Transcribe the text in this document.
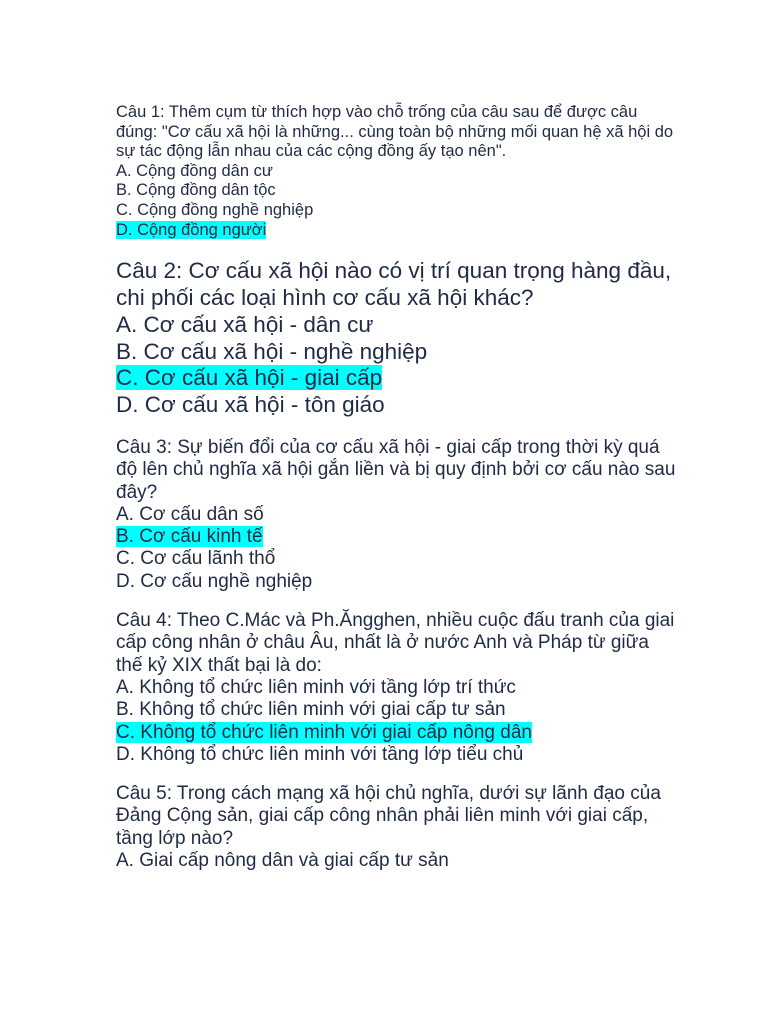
Câu 1: Thêm cụm từ thích hợp vào chỗ trống của câu sau để được câu đúng: "Cơ cấu xã hội là những... cùng toàn bộ những mối quan hệ xã hội do sự tác động lẫn nhau của các cộng đồng ấy tạo nên".
A. Cộng đồng dân cư
B. Cộng đồng dân tộc
C. Cộng đồng nghề nghiệp
D. Cộng đồng người
Câu 2: Cơ cấu xã hội nào có vị trí quan trọng hàng đầu, chi phối các loại hình cơ cấu xã hội khác?
A. Cơ cấu xã hội - dân cư
B. Cơ cấu xã hội - nghề nghiệp
C. Cơ cấu xã hội - giai cấp
D. Cơ cấu xã hội - tôn giáo
Câu 3: Sự biến đổi của cơ cấu xã hội - giai cấp trong thời kỳ quá độ lên chủ nghĩa xã hội gắn liền và bị quy định bởi cơ cấu nào sau đây?
A. Cơ cấu dân số
B. Cơ cấu kinh tế
C. Cơ cấu lãnh thổ
D. Cơ cấu nghề nghiệp
Câu 4: Theo C.Mác và Ph.Ăngghen, nhiều cuộc đấu tranh của giai cấp công nhân ở châu Âu, nhất là ở nước Anh và Pháp từ giữa thế kỷ XIX thất bại là do:
A. Không tổ chức liên minh với tầng lớp trí thức
B. Không tổ chức liên minh với giai cấp tư sản
C. Không tổ chức liên minh với giai cấp nông dân
D. Không tổ chức liên minh với tầng lớp tiểu chủ
Câu 5: Trong cách mạng xã hội chủ nghĩa, dưới sự lãnh đạo của Đảng Cộng sản, giai cấp công nhân phải liên minh với giai cấp, tầng lớp nào?
A. Giai cấp nông dân và giai cấp tư sản
